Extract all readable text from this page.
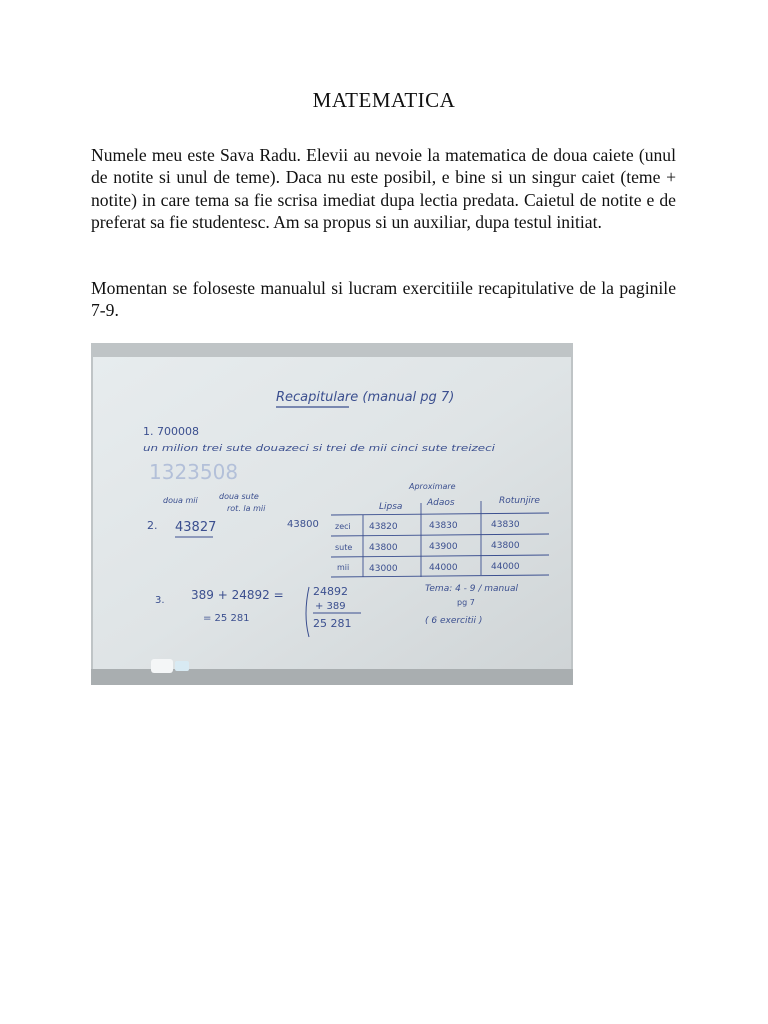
MATEMATICA

Numele meu este Sava Radu. Elevii au nevoie la matematica de doua caiete (unul de notite si unul de teme). Daca nu este posibil, e bine si un singur caiet (teme + notite) in care tema sa fie scrisa imediat dupa lectia predata. Caietul de notite e de preferat sa fie studentesc. Am sa propus si un auxiliar, dupa testul initiat.

Momentan se foloseste manualul si lucram exercitiile recapitulative de la paginile 7-9.

Recapitulare (manual pg 7)
1. 700008
un milion trei sute douazeci si trei de mii cinci sute treizeci
1323508
doua mii	doua sute
rot. la mii
2. 43827	43800
Aproximare
Lipsa	Adaos	Rotunjire
zeci 43820	43830	43830
sute 43800	43900	43800
mii 43000	44000	44000
3. 389 + 24892 =
= 25 281
24892
+ 389
25 281
Tema: 4 - 9 / manual
pg 7
( 6 exercitii )
